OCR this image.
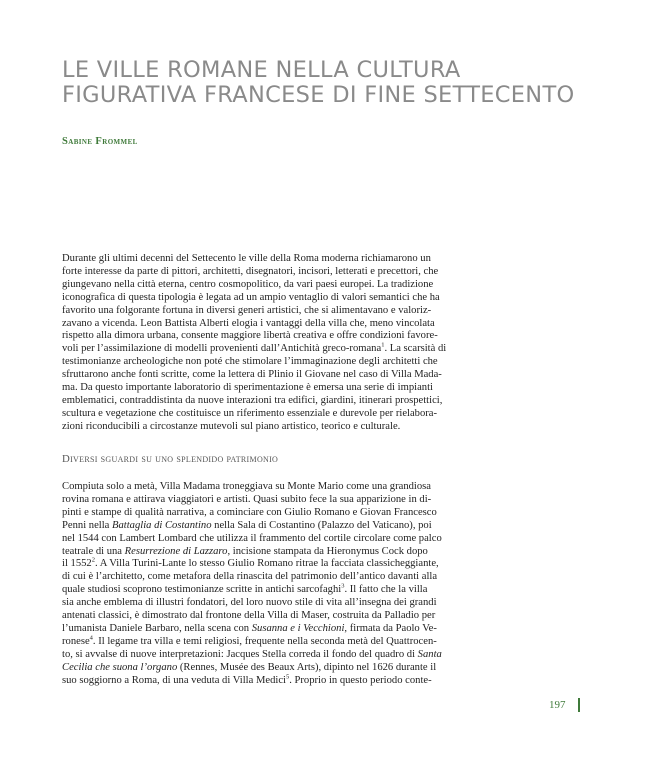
LE VILLE ROMANE NELLA CULTURA
FIGURATIVA FRANCESE DI FINE SETTECENTO
Sabine Frommel
Durante gli ultimi decenni del Settecento le ville della Roma moderna richiamarono un
forte interesse da parte di pittori, architetti, disegnatori, incisori, letterati e precettori, che
giungevano nella città eterna, centro cosmopolitico, da vari paesi europei. La tradizione
iconografica di questa tipologia è legata ad un ampio ventaglio di valori semantici che ha
favorito una folgorante fortuna in diversi generi artistici, che si alimentavano e valoriz-
zavano a vicenda. Leon Battista Alberti elogia i vantaggi della villa che, meno vincolata
rispetto alla dimora urbana, consente maggiore libertà creativa e offre condizioni favore-
voli per l’assimilazione di modelli provenienti dall’Antichità greco-romana$^1$. La scarsità di
testimonianze archeologiche non poté che stimolare l’immaginazione degli architetti che
sfruttarono anche fonti scritte, come la lettera di Plinio il Giovane nel caso di Villa Mada-
ma. Da questo importante laboratorio di sperimentazione è emersa una serie di impianti
emblematici, contraddistinta da nuove interazioni tra edifici, giardini, itinerari prospettici,
scultura e vegetazione che costituisce un riferimento essenziale e durevole per rielabora-
zioni riconducibili a circostanze mutevoli sul piano artistico, teorico e culturale.
Diversi sguardi su uno splendido patrimonio
Compiuta solo a metà, Villa Madama troneggiava su Monte Mario come una grandiosa
rovina romana e attirava viaggiatori e artisti. Quasi subito fece la sua apparizione in di-
pinti e stampe di qualità narrativa, a cominciare con Giulio Romano e Giovan Francesco
Penni nella Battaglia di Costantino nella Sala di Costantino (Palazzo del Vaticano), poi
nel 1544 con Lambert Lombard che utilizza il frammento del cortile circolare come palco
teatrale di una Resurrezione di Lazzaro, incisione stampata da Hieronymus Cock dopo
il 1552$^2$. A Villa Turini-Lante lo stesso Giulio Romano ritrae la facciata classicheggiante,
di cui è l’architetto, come metafora della rinascita del patrimonio dell’antico davanti alla
quale studiosi scoprono testimonianze scritte in antichi sarcofaghi$^3$. Il fatto che la villa
sia anche emblema di illustri fondatori, del loro nuovo stile di vita all’insegna dei grandi
antenati classici, è dimostrato dal frontone della Villa di Maser, costruita da Palladio per
l’umanista Daniele Barbaro, nella scena con Susanna e i Vecchioni, firmata da Paolo Ve-
ronese$^4$. Il legame tra villa e temi religiosi, frequente nella seconda metà del Quattrocen-
to, si avvalse di nuove interpretazioni: Jacques Stella corredа il fondo del quadro di Santa
Cecilia che suona l’organo (Rennes, Musée des Beaux Arts), dipinto nel 1626 durante il
suo soggiorno a Roma, di una veduta di Villa Medici$^5$. Proprio in questo periodo conte-
197
